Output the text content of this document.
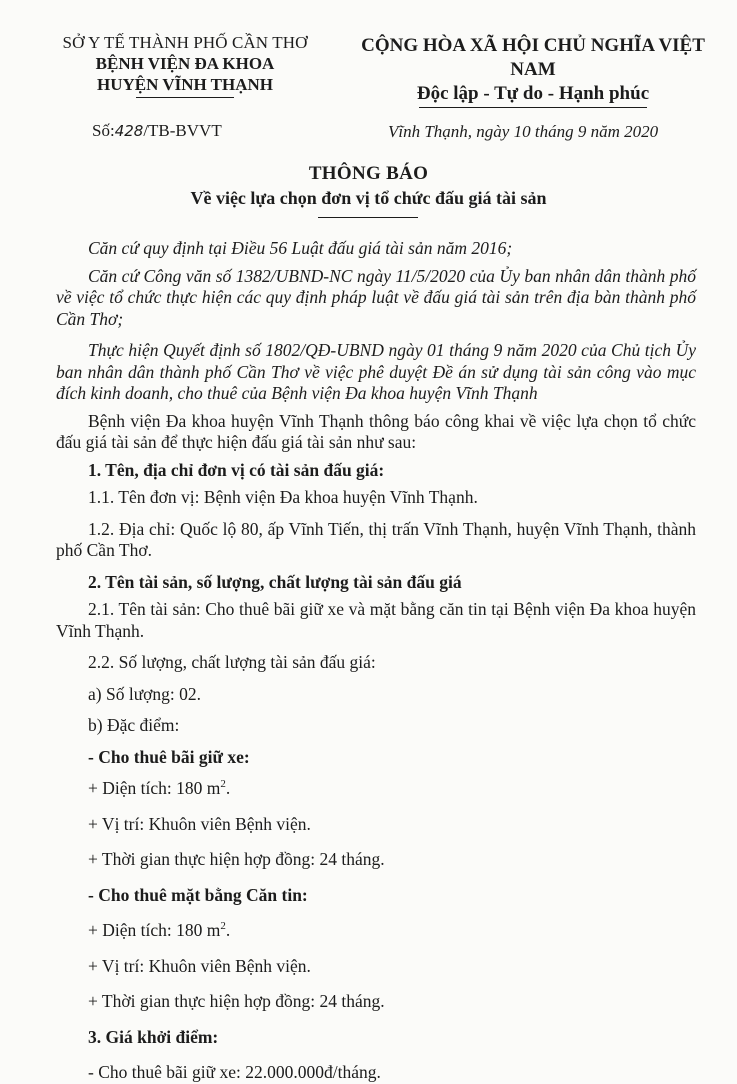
SỞ Y TẾ THÀNH PHỐ CẦN THƠ
BỆNH VIỆN ĐA KHOA
HUYỆN VĨNH THẠNH
CỘNG HÒA XÃ HỘI CHỦ NGHĨA VIỆT NAM
Độc lập - Tự do - Hạnh phúc
Số:428/TB-BVVT	Vĩnh Thạnh, ngày 10 tháng 9 năm 2020
THÔNG BÁO
Về việc lựa chọn đơn vị tổ chức đấu giá tài sản

Căn cứ quy định tại Điều 56 Luật đấu giá tài sản năm 2016;

Căn cứ Công văn số 1382/UBND-NC ngày 11/5/2020 của Ủy ban nhân dân thành phố về việc tổ chức thực hiện các quy định pháp luật về đấu giá tài sản trên địa bàn thành phố Cần Thơ;

Thực hiện Quyết định số 1802/QĐ-UBND ngày 01 tháng 9 năm 2020 của Chủ tịch Ủy ban nhân dân thành phố Cần Thơ về việc phê duyệt Đề án sử dụng tài sản công vào mục đích kinh doanh, cho thuê của Bệnh viện Đa khoa huyện Vĩnh Thạnh

Bệnh viện Đa khoa huyện Vĩnh Thạnh thông báo công khai về việc lựa chọn tổ chức đấu giá tài sản để thực hiện đấu giá tài sản như sau:

1. Tên, địa chỉ đơn vị có tài sản đấu giá:

1.1. Tên đơn vị: Bệnh viện Đa khoa huyện Vĩnh Thạnh.

1.2. Địa chỉ: Quốc lộ 80, ấp Vĩnh Tiến, thị trấn Vĩnh Thạnh, huyện Vĩnh Thạnh, thành phố Cần Thơ.

2. Tên tài sản, số lượng, chất lượng tài sản đấu giá

2.1. Tên tài sản: Cho thuê bãi giữ xe và mặt bằng căn tin tại Bệnh viện Đa khoa huyện Vĩnh Thạnh.

2.2. Số lượng, chất lượng tài sản đấu giá:

a) Số lượng: 02.

b) Đặc điểm:

- Cho thuê bãi giữ xe:

+ Diện tích: 180 $m^2$.

+ Vị trí: Khuôn viên Bệnh viện.

+ Thời gian thực hiện hợp đồng: 24 tháng.

- Cho thuê mặt bằng Căn tin:

+ Diện tích: 180 $m^2$.

+ Vị trí: Khuôn viên Bệnh viện.

+ Thời gian thực hiện hợp đồng: 24 tháng.

3. Giá khởi điểm:

- Cho thuê bãi giữ xe: 22.000.000đ/tháng.
